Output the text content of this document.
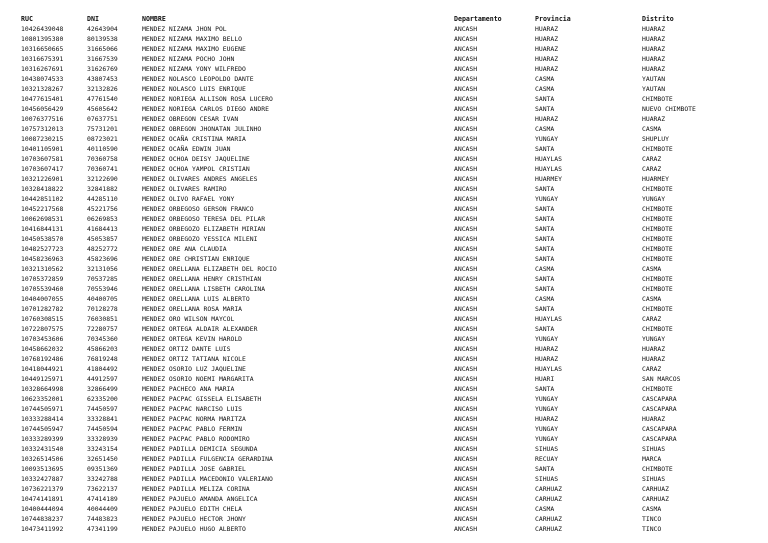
RUC	DNI	NOMBRE	Departamento	Provincia	Distrito
10426439048	42643904	MENDEZ NIZAMA JHON POL	ANCASH	HUARAZ	HUARAZ
10801395380	80139538	MENDEZ NIZAMA MAXIMO BELLO	ANCASH	HUARAZ	HUARAZ
10316650665	31665066	MENDEZ NIZAMA MAXIMO EUGENE	ANCASH	HUARAZ	HUARAZ
10316675391	31667539	MENDEZ NIZAMA POCHO JOHN	ANCASH	HUARAZ	HUARAZ
10316267691	31626769	MENDEZ NIZAMA YONY WILFREDO	ANCASH	HUARAZ	HUARAZ
10438074533	43807453	MENDEZ NOLASCO LEOPOLDO DANTE	ANCASH	CASMA	YAUTAN
10321328267	32132826	MENDEZ NOLASCO LUIS ENRIQUE	ANCASH	CASMA	YAUTAN
10477615401	47761540	MENDEZ NORIEGA ALLISON ROSA LUCERO	ANCASH	SANTA	CHIMBOTE
10456056429	45605642	MENDEZ NORIEGA CARLOS DIEGO ANDRE	ANCASH	SANTA	NUEVO CHIMBOTE
10076377516	07637751	MENDEZ OBREGON CESAR IVAN	ANCASH	HUARAZ	HUARAZ
10757312013	75731201	MENDEZ OBREGON JHONATAN JULINHO	ANCASH	CASMA	CASMA
10087230215	08723021	MENDEZ OCAÑA CRISTINA MARIA	ANCASH	YUNGAY	SHUPLUY
10401105901	40110590	MENDEZ OCAÑA EDWIN JUAN	ANCASH	SANTA	CHIMBOTE
10703607581	70360758	MENDEZ OCHOA DEISY JAQUELINE	ANCASH	HUAYLAS	CARAZ
10703607417	70360741	MENDEZ OCHOA YAMPOL CRISTIAN	ANCASH	HUAYLAS	CARAZ
10321226901	32122690	MENDEZ OLIVARES ANDRES ANGELES	ANCASH	HUARMEY	HUARMEY
10328418822	32841882	MENDEZ OLIVARES RAMIRO	ANCASH	SANTA	CHIMBOTE
10442851102	44285110	MENDEZ OLIVO RAFAEL YONY	ANCASH	YUNGAY	YUNGAY
10452217568	45221756	MENDEZ ORBEGOSO GERSON FRANCO	ANCASH	SANTA	CHIMBOTE
10062698531	06269853	MENDEZ ORBEGOSO TERESA DEL PILAR	ANCASH	SANTA	CHIMBOTE
10416844131	41684413	MENDEZ ORBEGOZO ELIZABETH MIRIAN	ANCASH	SANTA	CHIMBOTE
10450538570	45053857	MENDEZ ORBEGOZO YESSICA MILENI	ANCASH	SANTA	CHIMBOTE
10482527723	48252772	MENDEZ ORE ANA CLAUDIA	ANCASH	SANTA	CHIMBOTE
10458236963	45823696	MENDEZ ORE CHRISTIAN ENRIQUE	ANCASH	SANTA	CHIMBOTE
10321310562	32131056	MENDEZ ORELLANA ELIZABETH DEL ROCIO	ANCASH	CASMA	CASMA
10705372859	70537285	MENDEZ ORELLANA HENRY CRISTHIAN	ANCASH	SANTA	CHIMBOTE
10705539460	70553946	MENDEZ ORELLANA LISBETH CAROLINA	ANCASH	SANTA	CHIMBOTE
10404007055	40400705	MENDEZ ORELLANA LUIS ALBERTO	ANCASH	CASMA	CASMA
10701282782	70128278	MENDEZ ORELLANA ROSA MARIA	ANCASH	SANTA	CHIMBOTE
10760308515	76030851	MENDEZ ORO WILSON MAYCOL	ANCASH	HUAYLAS	CARAZ
10722807575	72280757	MENDEZ ORTEGA ALDAIR ALEXANDER	ANCASH	SANTA	CHIMBOTE
10703453606	70345360	MENDEZ ORTEGA KEVIN HAROLD	ANCASH	YUNGAY	YUNGAY
10458662032	45866203	MENDEZ ORTIZ DANTE LUIS	ANCASH	HUARAZ	HUARAZ
10768192486	76819248	MENDEZ ORTIZ TATIANA NICOLE	ANCASH	HUARAZ	HUARAZ
10418044921	41804492	MENDEZ OSORIO LUZ JAQUELINE	ANCASH	HUAYLAS	CARAZ
10449125971	44912597	MENDEZ OSORIO NOEMI MARGARITA	ANCASH	HUARI	SAN MARCOS
10328664998	32866499	MENDEZ PACHECO ANA MARIA	ANCASH	SANTA	CHIMBOTE
10623352001	62335200	MENDEZ PACPAC GISSELA ELISABETH	ANCASH	YUNGAY	CASCAPARA
10744505971	74450597	MENDEZ PACPAC NARCISO LUIS	ANCASH	YUNGAY	CASCAPARA
10333288414	33328841	MENDEZ PACPAC NORMA MARITZA	ANCASH	HUARAZ	HUARAZ
10744505947	74450594	MENDEZ PACPAC PABLO FERMIN	ANCASH	YUNGAY	CASCAPARA
10333289399	33328939	MENDEZ PACPAC PABLO RODOMIRO	ANCASH	YUNGAY	CASCAPARA
10332431540	33243154	MENDEZ PADILLA DEMICIA SEGUNDA	ANCASH	SIHUAS	SIHUAS
10326514506	32651450	MENDEZ PADILLA FULGENCIA GERARDINA	ANCASH	RECUAY	MARCA
10093513695	09351369	MENDEZ PADILLA JOSE GABRIEL	ANCASH	SANTA	CHIMBOTE
10332427887	33242788	MENDEZ PADILLA MACEDONIO VALERIANO	ANCASH	SIHUAS	SIHUAS
10736221379	73622137	MENDEZ PADILLA MELIZA CORINA	ANCASH	CARHUAZ	CARHUAZ
10474141891	47414189	MENDEZ PAJUELO AMANDA ANGELICA	ANCASH	CARHUAZ	CARHUAZ
10400444094	40044409	MENDEZ PAJUELO EDITH CHELA	ANCASH	CASMA	CASMA
10744838237	74483823	MENDEZ PAJUELO HECTOR JHONY	ANCASH	CARHUAZ	TINCO
10473411992	47341199	MENDEZ PAJUELO HUGO ALBERTO	ANCASH	CARHUAZ	TINCO
